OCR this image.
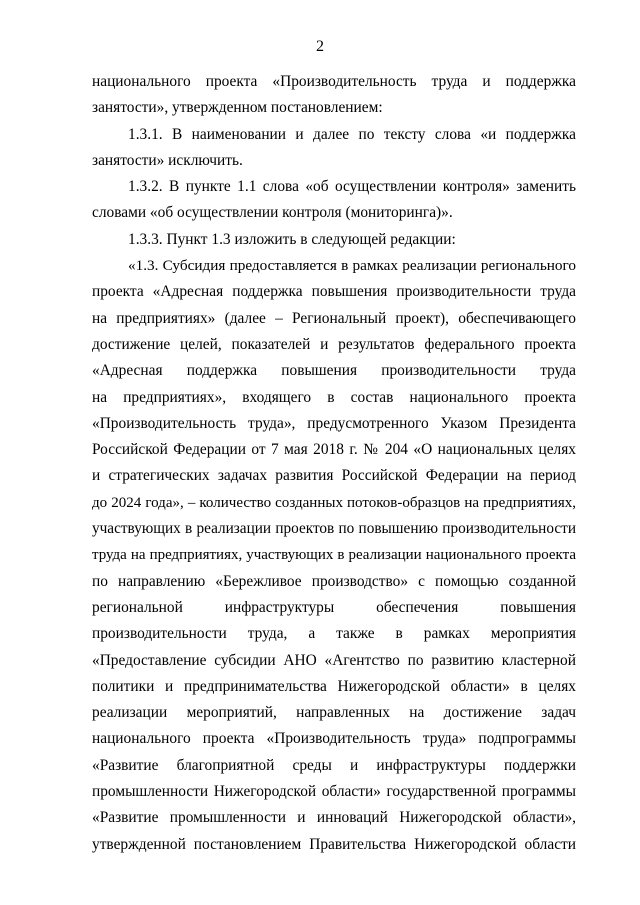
2
национального проекта «Производительность труда и поддержка
занятости», утвержденном постановлением:
1.3.1. В наименовании и далее по тексту слова «и поддержка
занятости» исключить.
1.3.2. В пункте 1.1 слова «об осуществлении контроля» заменить
словами «об осуществлении контроля (мониторинга)».
1.3.3. Пункт 1.3 изложить в следующей редакции:
«1.3. Субсидия предоставляется в рамках реализации регионального
проекта «Адресная поддержка повышения производительности труда
на предприятиях» (далее – Региональный проект), обеспечивающего
достижение целей, показателей и результатов федерального проекта
«Адресная поддержка повышения производительности труда
на предприятиях», входящего в состав национального проекта
«Производительность труда», предусмотренного Указом Президента
Российской Федерации от 7 мая 2018 г. № 204 «О национальных целях
и стратегических задачах развития Российской Федерации на период
до 2024 года», – количество созданных потоков-образцов на предприятиях,
участвующих в реализации проектов по повышению производительности
труда на предприятиях, участвующих в реализации национального проекта
по направлению «Бережливое производство» с помощью созданной
региональной инфраструктуры обеспечения повышения
производительности труда, а также в рамках мероприятия
«Предоставление субсидии АНО «Агентство по развитию кластерной
политики и предпринимательства Нижегородской области» в целях
реализации мероприятий, направленных на достижение задач
национального проекта «Производительность труда» подпрограммы
«Развитие благоприятной среды и инфраструктуры поддержки
промышленности Нижегородской области» государственной программы
«Развитие промышленности и инноваций Нижегородской области»,
утвержденной постановлением Правительства Нижегородской области
